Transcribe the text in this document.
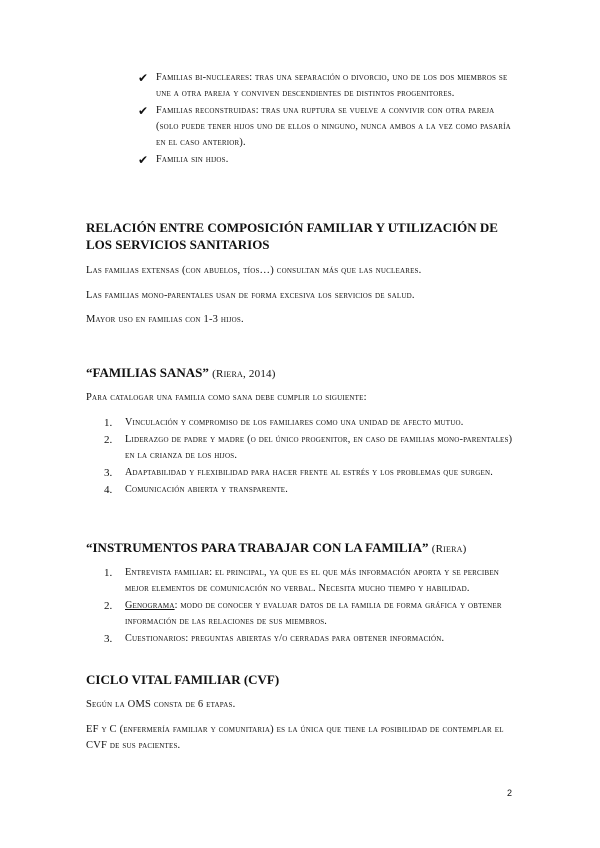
✔ Familias bi-nucleares: tras una separación o divorcio, uno de los dos miembros se une a otra pareja y conviven descendientes de distintos progenitores.
✔ Familias reconstruidas: tras una ruptura se vuelve a convivir con otra pareja (solo puede tener hijos uno de ellos o ninguno, nunca ambos a la vez como pasaría en el caso anterior).
✔ Familia sin hijos.
RELACIÓN ENTRE COMPOSICIÓN FAMILIAR Y UTILIZACIÓN DE LOS SERVICIOS SANITARIOS

Las familias extensas (con abuelos, tíos…) consultan más que las nucleares.

Las familias mono-parentales usan de forma excesiva los servicios de salud.

Mayor uso en familias con 1-3 hijos.

“FAMILIAS SANAS” (Riera, 2014)

Para catalogar una familia como sana debe cumplir lo siguiente:

1. Vinculación y compromiso de los familiares como una unidad de afecto mutuo.
2. Liderazgo de padre y madre (o del único progenitor, en caso de familias mono-parentales) en la crianza de los hijos.
3. Adaptabilidad y flexibilidad para hacer frente al estrés y los problemas que surgen.
4. Comunicación abierta y transparente.
“INSTRUMENTOS PARA TRABAJAR CON LA FAMILIA” (Riera)
1. Entrevista familiar: el principal, ya que es el que más información aporta y se perciben mejor elementos de comunicación no verbal. Necesita mucho tiempo y habilidad.
2. Genograma: modo de conocer y evaluar datos de la familia de forma gráfica y obtener información de las relaciones de sus miembros.
3. Cuestionarios: preguntas abiertas y/o cerradas para obtener información.
CICLO VITAL FAMILIAR (CVF)

Según la OMS consta de 6 etapas.

EF y C (enfermería familiar y comunitaria) es la única que tiene la posibilidad de contemplar el CVF de sus pacientes.

2
